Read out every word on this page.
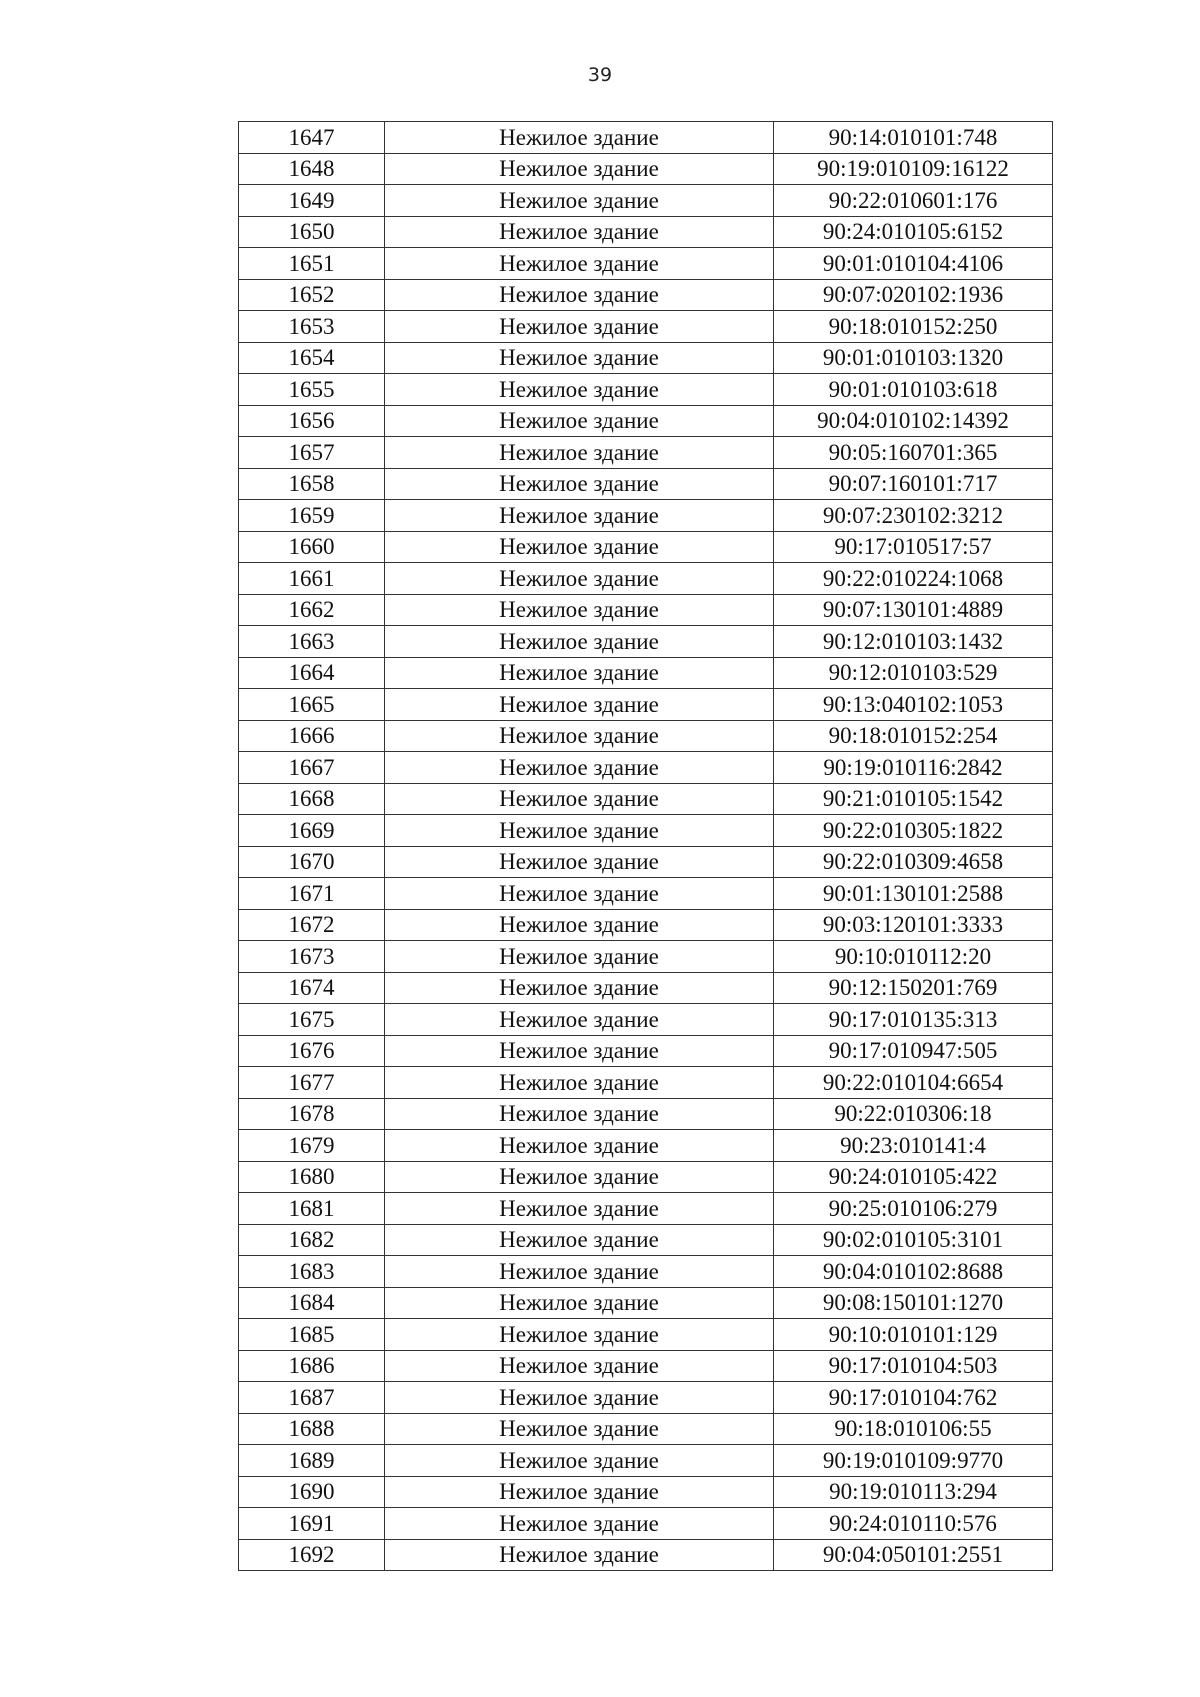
39
1647	Нежилое здание	90:14:010101:748
1648	Нежилое здание	90:19:010109:16122
1649	Нежилое здание	90:22:010601:176
1650	Нежилое здание	90:24:010105:6152
1651	Нежилое здание	90:01:010104:4106
1652	Нежилое здание	90:07:020102:1936
1653	Нежилое здание	90:18:010152:250
1654	Нежилое здание	90:01:010103:1320
1655	Нежилое здание	90:01:010103:618
1656	Нежилое здание	90:04:010102:14392
1657	Нежилое здание	90:05:160701:365
1658	Нежилое здание	90:07:160101:717
1659	Нежилое здание	90:07:230102:3212
1660	Нежилое здание	90:17:010517:57
1661	Нежилое здание	90:22:010224:1068
1662	Нежилое здание	90:07:130101:4889
1663	Нежилое здание	90:12:010103:1432
1664	Нежилое здание	90:12:010103:529
1665	Нежилое здание	90:13:040102:1053
1666	Нежилое здание	90:18:010152:254
1667	Нежилое здание	90:19:010116:2842
1668	Нежилое здание	90:21:010105:1542
1669	Нежилое здание	90:22:010305:1822
1670	Нежилое здание	90:22:010309:4658
1671	Нежилое здание	90:01:130101:2588
1672	Нежилое здание	90:03:120101:3333
1673	Нежилое здание	90:10:010112:20
1674	Нежилое здание	90:12:150201:769
1675	Нежилое здание	90:17:010135:313
1676	Нежилое здание	90:17:010947:505
1677	Нежилое здание	90:22:010104:6654
1678	Нежилое здание	90:22:010306:18
1679	Нежилое здание	90:23:010141:4
1680	Нежилое здание	90:24:010105:422
1681	Нежилое здание	90:25:010106:279
1682	Нежилое здание	90:02:010105:3101
1683	Нежилое здание	90:04:010102:8688
1684	Нежилое здание	90:08:150101:1270
1685	Нежилое здание	90:10:010101:129
1686	Нежилое здание	90:17:010104:503
1687	Нежилое здание	90:17:010104:762
1688	Нежилое здание	90:18:010106:55
1689	Нежилое здание	90:19:010109:9770
1690	Нежилое здание	90:19:010113:294
1691	Нежилое здание	90:24:010110:576
1692	Нежилое здание	90:04:050101:2551
